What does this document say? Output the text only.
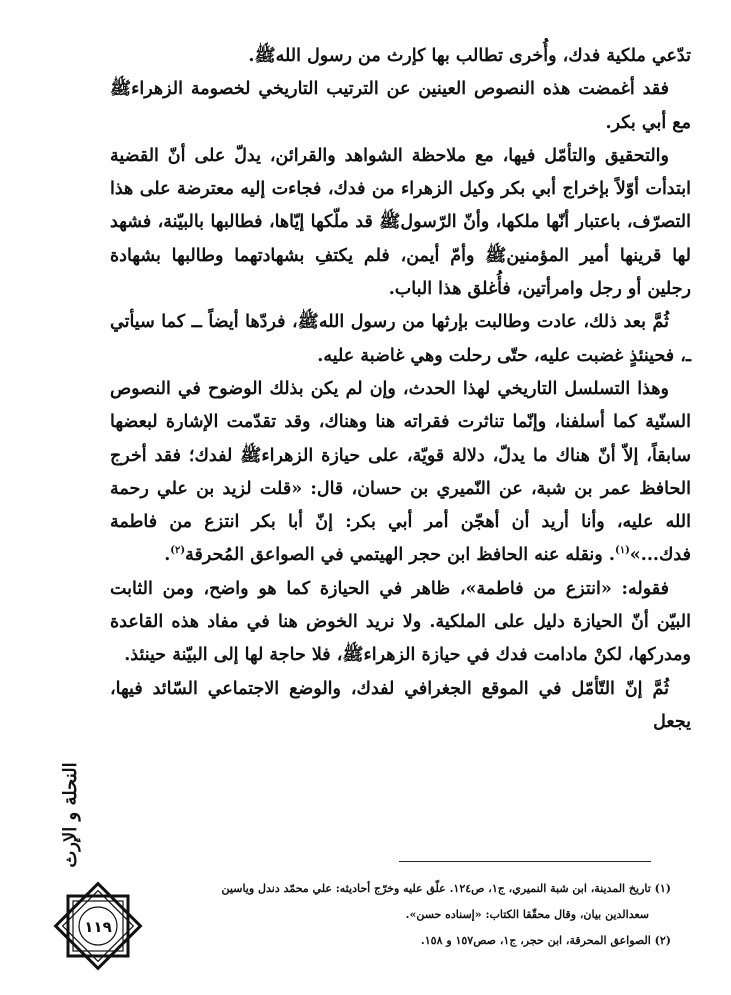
تدّعي ملكية فدك، وأُخرى تطالب بها كإرث من رسول اللهﷺ.

فقد أغمضت هذه النصوص العينين عن الترتيب التاريخي لخصومة الزهراءﷺ مع أبي بكر.

والتحقيق والتأمّل فيها، مع ملاحظة الشواهد والقرائن، يدلّ على أنّ القضية ابتدأت أوّلاً بإخراج أبي بكر وكيل الزهراء من فدك، فجاءت إليه معترضة على هذا التصرّف، باعتبار أنّها ملكها، وأنّ الرّسولﷺ قد ملّكها إيّاها، فطالبها بالبيّنة، فشهد لها قرينها أمير المؤمنينﷺ وأمّ أيمن، فلم يكتفِ بشهادتهما وطالبها بشهادة رجلين أو رجل وامرأتين، فأُغلق هذا الباب.

ثُمَّ بعد ذلك، عادت وطالبت بإرثها من رسول اللهﷺ، فردّها أيضاً ــ كما سيأتي ـ، فحينئذٍ غضبت عليه، حتّى رحلت وهي غاضبة عليه.

وهذا التسلسل التاريخي لهذا الحدث، وإن لم يكن بذلك الوضوح في النصوص السنّية كما أسلفنا، وإنّما تناثرت فقراته هنا وهناك، وقد تقدّمت الإشارة لبعضها سابقاً، إلاّ أنّ هناك ما يدلّ، دلالة قويّة، على حيازة الزهراءﷺ لفدك؛ فقد أخرج الحافظ عمر بن شبة، عن النّميري بن حسان، قال: «قلت لزيد بن علي رحمة الله عليه، وأنا أريد أن أهجّن أمر أبي بكر: إنّ أبا بكر انتزع من فاطمة فدك...»$^{(١)}$. ونقله عنه الحافظ ابن حجر الهيتمي في الصواعق المُحرقة$^{(٢)}$.

فقوله: «انتزع من فاطمة»، ظاهر في الحيازة كما هو واضح، ومن الثابت البيّن أنّ الحيازة دليل على الملكية. ولا نريد الخوض هنا في مفاد هذه القاعدة ومدركها، لكنْ مادامت فدك في حيازة الزهراءﷺ، فلا حاجة لها إلى البيّنة حينئذ.

ثُمَّ إنّ التّأمّل في الموقع الجغرافي لفدك، والوضع الاجتماعي السّائد فيها، يجعل

(١) تاريخ المدينة، ابن شبة النميري، ج١، ص١٢٤. علّق عليه وخرّج أحاديثه: علي محمّد دندل وياسين

سعدالدين بيان، وقال محقّقا الكتاب: «إسناده حسن».

(٢) الصواعق المحرقة، ابن حجر، ج١، صص١٥٧ و ١٥٨.

النحلة و الإرث
١١٩
